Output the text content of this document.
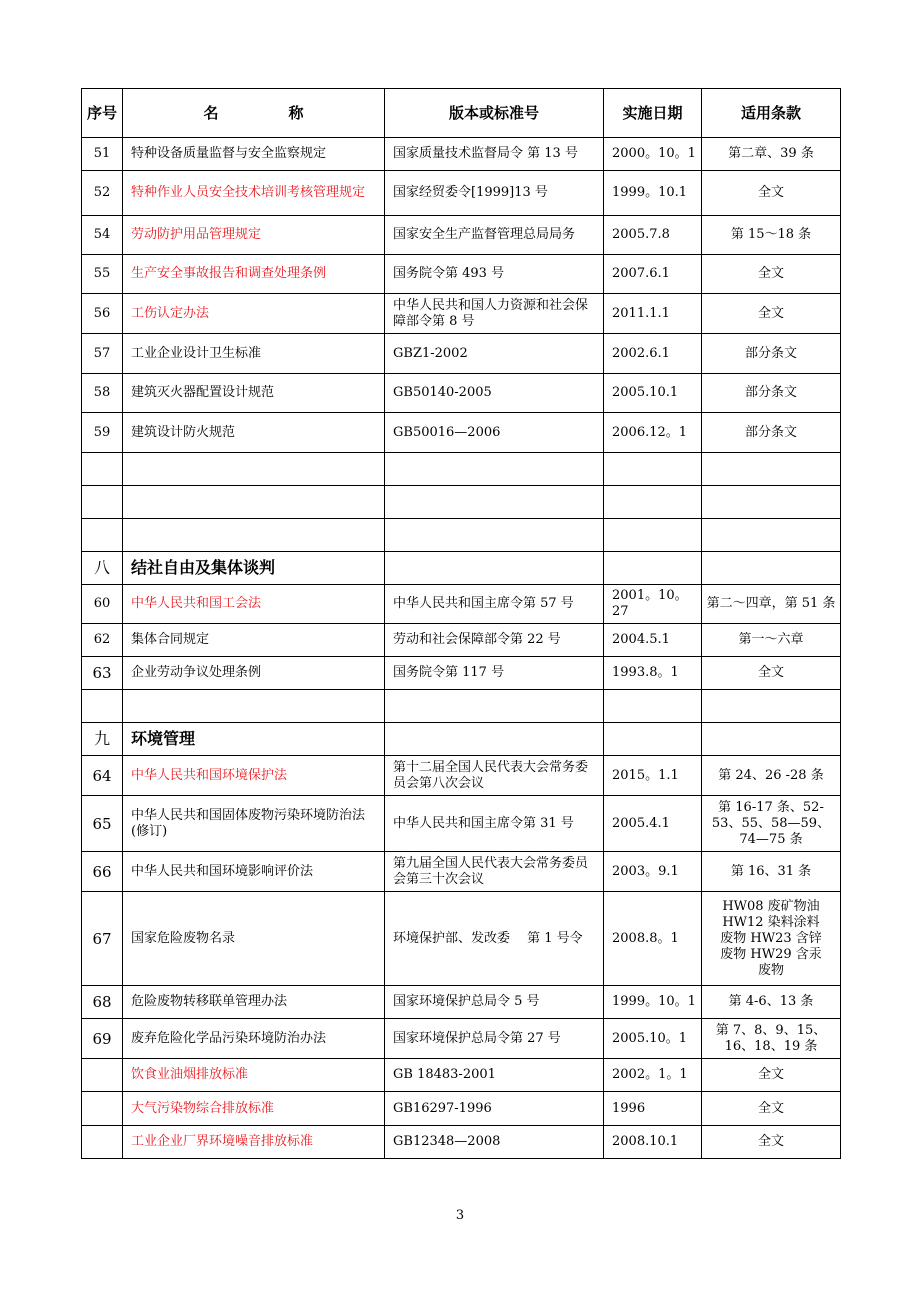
序号	名 称	版本或标准号	实施日期	适用条款
51	特种设备质量监督与安全监察规定	国家质量技术监督局令 第 13 号	2000。10。1	第二章、39 条
52	特种作业人员安全技术培训考核管理规定	国家经贸委令[1999]13 号	1999。10.1	全文
54	劳动防护用品管理规定	国家安全生产监督管理总局局务	2005.7.8	第 15～18 条
55	生产安全事故报告和调查处理条例	国务院令第 493 号	2007.6.1	全文
56	工伤认定办法	中华人民共和国人力资源和社会保障部令第 8 号	2011.1.1	全文
57	工业企业设计卫生标准	GBZ1-2002	2002.6.1	部分条文
58	建筑灭火器配置设计规范	GB50140-2005	2005.10.1	部分条文
59	建筑设计防火规范	GB50016—2006	2006.12。1	部分条文

八	结社自由及集体谈判			
60	中华人民共和国工会法	中华人民共和国主席令第 57 号	2001。10。27	第二～四章，第 51 条
62	集体合同规定	劳动和社会保障部令第 22 号	2004.5.1	第一～六章
63	企业劳动争议处理条例	国务院令第 117 号	1993.8。1	全文

九	环境管理			
64	中华人民共和国环境保护法	第十二届全国人民代表大会常务委员会第八次会议	2015。1.1	第 24、26 -28 条
65	中华人民共和国固体废物污染环境防治法(修订)	中华人民共和国主席令第 31 号	2005.4.1	第 16-17 条、52-53、55、58—59、74—75 条
66	中华人民共和国环境影响评价法	第九届全国人民代表大会常务委员会第三十次会议	2003。9.1	第 16、31 条
67	国家危险废物名录	环境保护部、发改委　 第 1 号令	2008.8。1	HW08 废矿物油 HW12 染料涂料废物 HW23 含锌废物 HW29 含汞废物
68	危险废物转移联单管理办法	国家环境保护总局令 5 号	1999。10。1	第 4-6、13 条
69	废弃危险化学品污染环境防治办法	国家环境保护总局令第 27 号	2005.10。1	第 7、8、9、15、16、18、19 条
	饮食业油烟排放标准	GB 18483-2001	2002。1。1	全文
	大气污染物综合排放标准	GB16297-1996	1996	全文
	工业企业厂界环境噪音排放标准	GB12348—2008	2008.10.1	全文
3
